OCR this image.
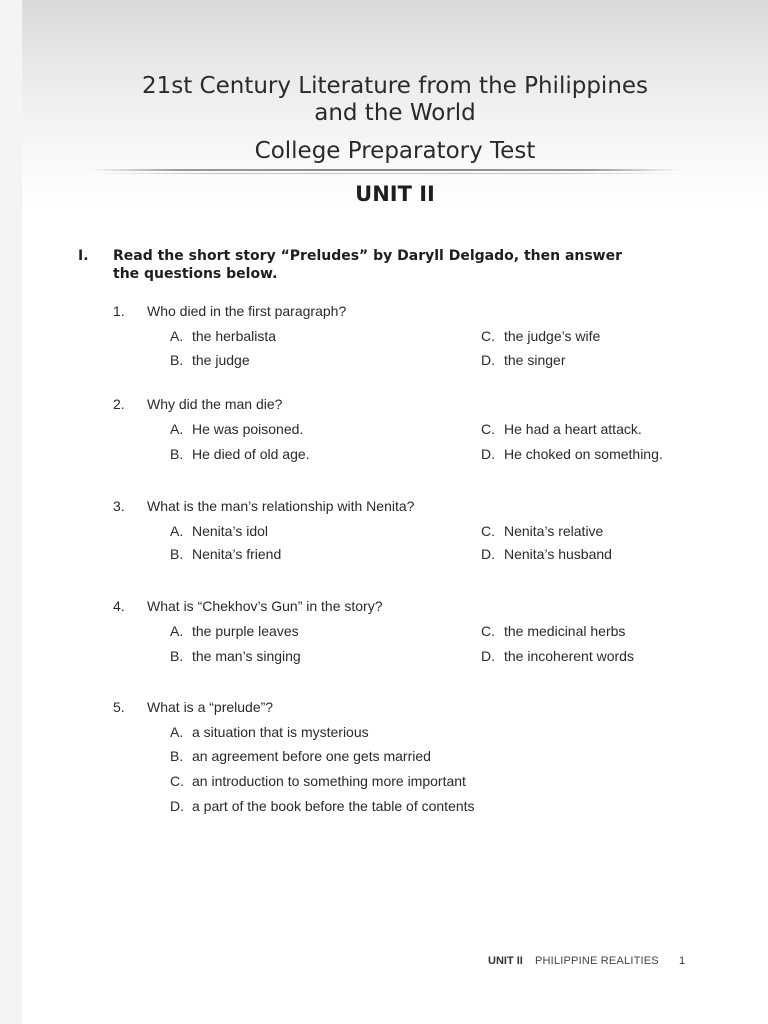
21st Century Literature from the Philippines
and the World
College Preparatory Test
UNIT II
I. Read the short story “Preludes” by Daryll Delgado, then answer the questions below.
1. Who died in the first paragraph?
A. the herbalista
B. the judge
C. the judge’s wife
D. the singer
2. Why did the man die?
A. He was poisoned.
B. He died of old age.
C. He had a heart attack.
D. He choked on something.
3. What is the man’s relationship with Nenita?
A. Nenita’s idol
B. Nenita’s friend
C. Nenita’s relative
D. Nenita’s husband
4. What is “Chekhov’s Gun” in the story?
A. the purple leaves
B. the man’s singing
C. the medicinal herbs
D. the incoherent words
5. What is a “prelude”?
A. a situation that is mysterious
B. an agreement before one gets married
C. an introduction to something more important
D. a part of the book before the table of contents
UNIT II PHILIPPINE REALITIES 1
